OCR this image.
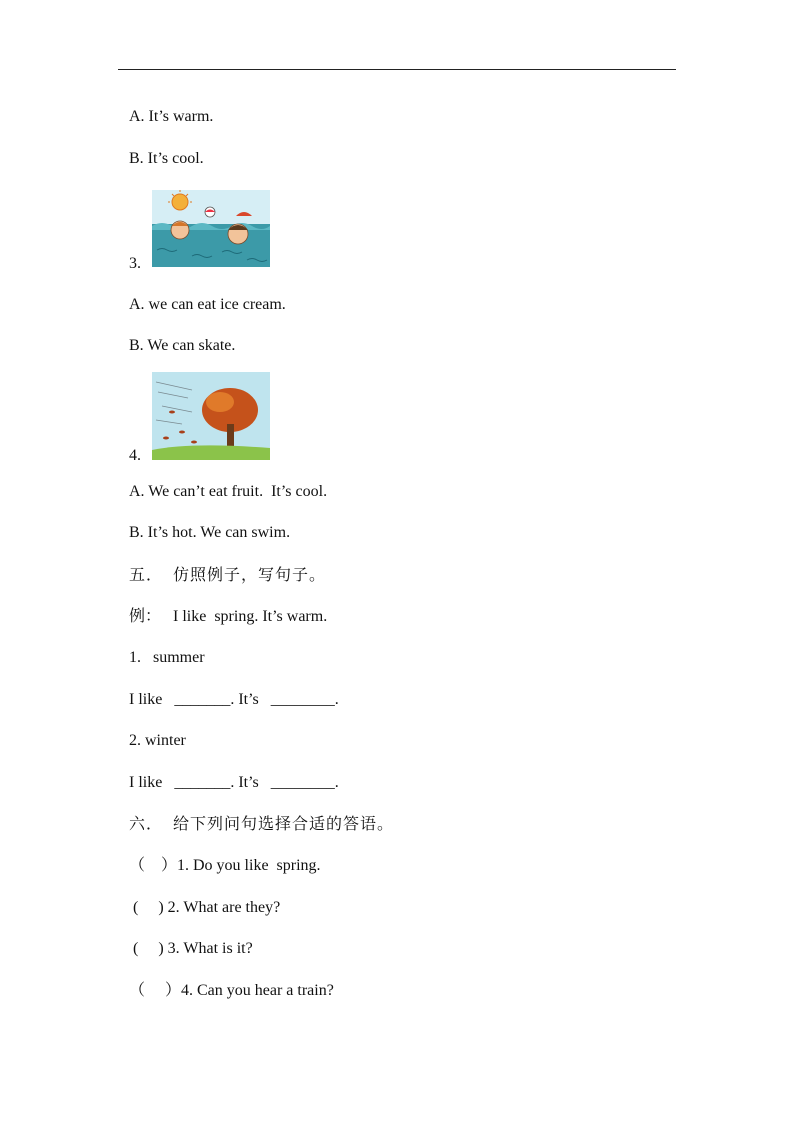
A. It’s warm.
B. It’s cool.
3.
A. we can eat ice cream.
B. We can skate.
4.
A. We can’t eat fruit.  It’s cool.
B. It’s hot. We can swim.
五．  仿照例子，写句子。
例：   I like  spring. It’s warm.
1.   summer
I like   _______. It’s   ________.
2. winter
I like   _______. It’s   ________.
六．  给下列问句选择合适的答语。
（    ）1. Do you like  spring.
(     ) 2. What are they?
(     ) 3. What is it?
（     ）4. Can you hear a train?
